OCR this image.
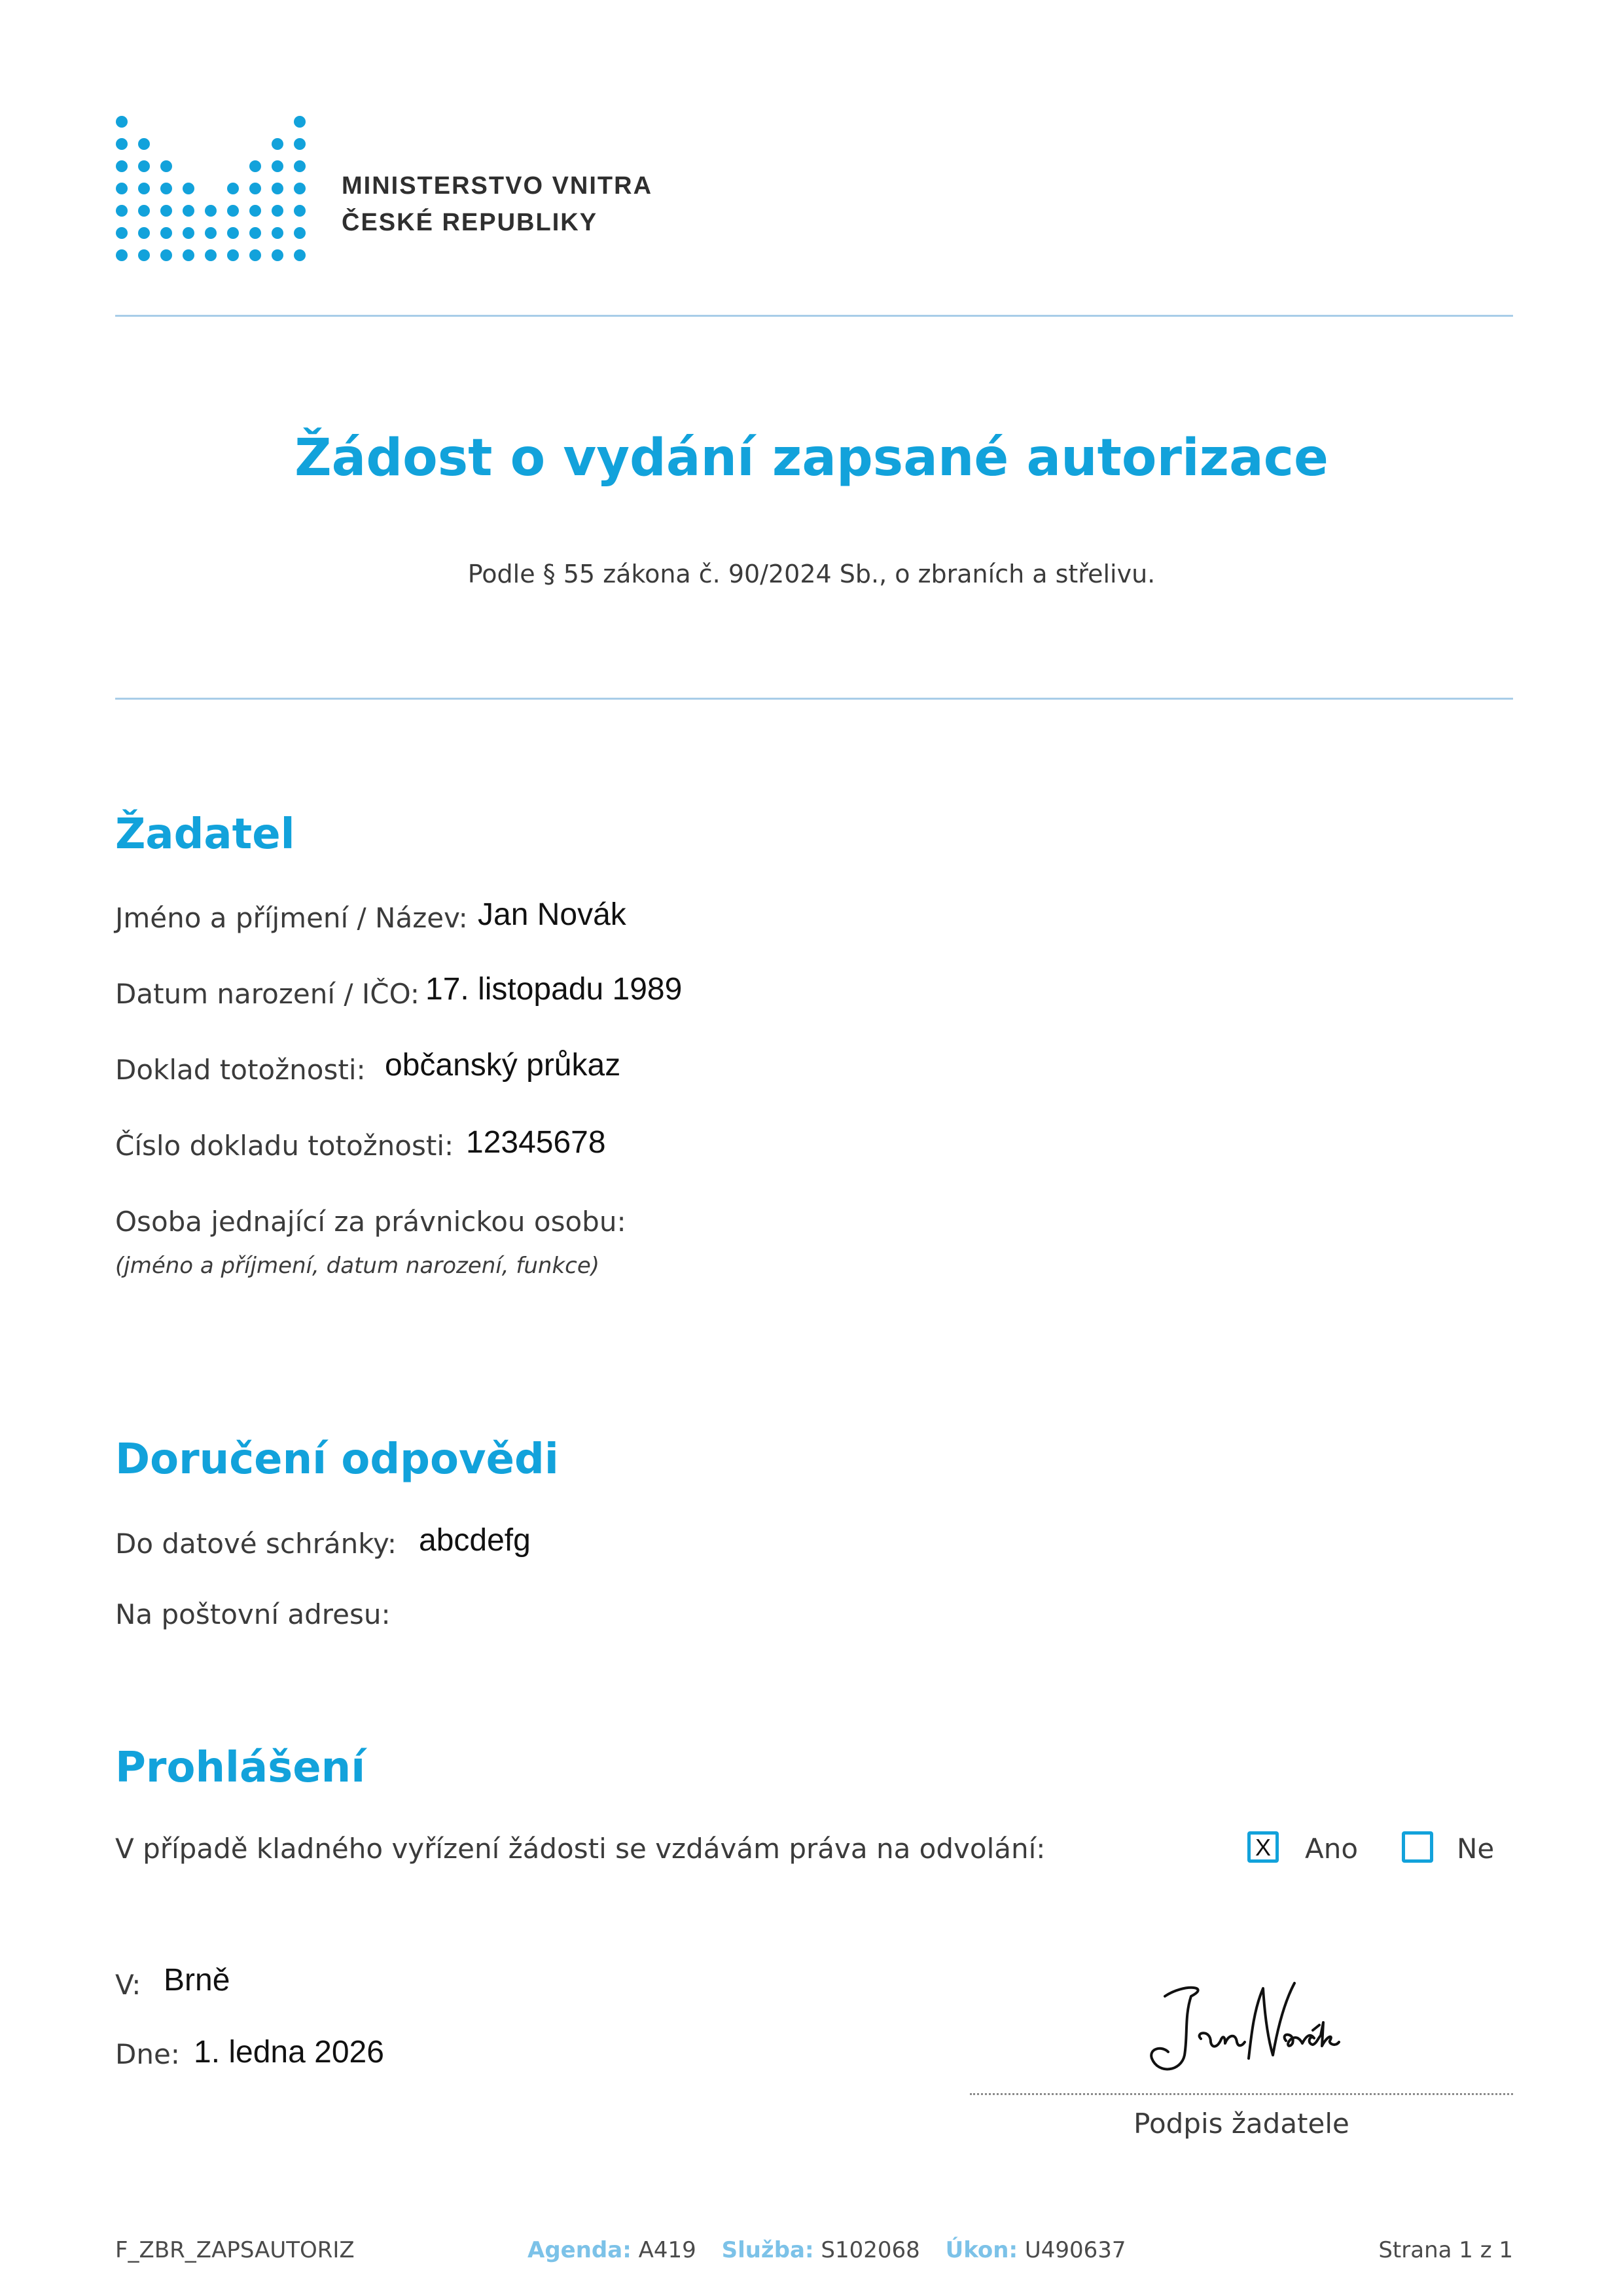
MINISTERSTVO VNITRA
ČESKÉ REPUBLIKY
Žádost o vydání zapsané autorizace
Podle § 55 zákona č. 90/2024 Sb., o zbraních a střelivu.
Žadatel
Jméno a příjmení / Název: Jan Novák
Datum narození / IČO: 17. listopadu 1989
Doklad totožnosti: občanský průkaz
Číslo dokladu totožnosti: 12345678
Osoba jednající za právnickou osobu:
(jméno a příjmení, datum narození, funkce)
Doručení odpovědi
Do datové schránky: abcdefg
Na poštovní adresu:
Prohlášení
V případě kladného vyřízení žádosti se vzdávám práva na odvolání:	X Ano	Ne
V: Brně
Dne: 1. ledna 2026
Podpis žadatele
F_ZBR_ZAPSAUTORIZ	Agenda: A419 Služba: S102068 Úkon: U490637	Strana 1 z 1
